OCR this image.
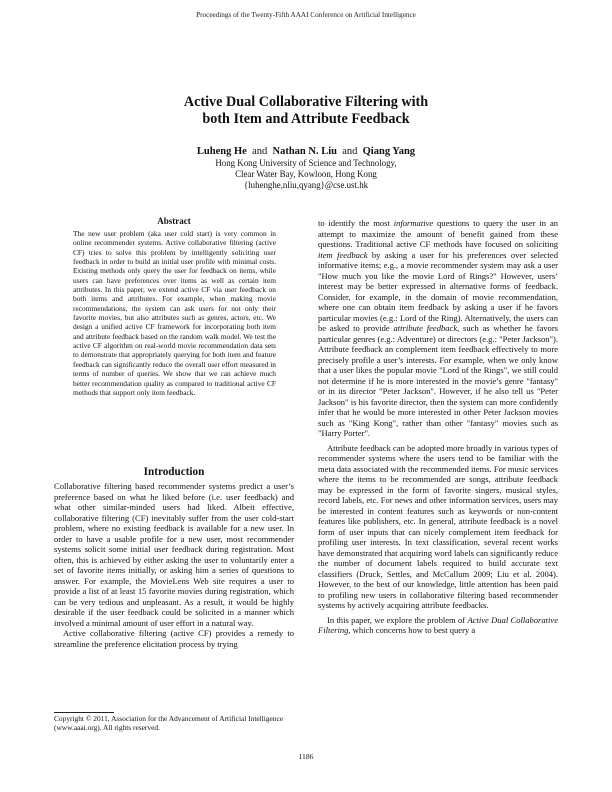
Proceedings of the Twenty-Fifth AAAI Conference on Artificial Intelligence
Active Dual Collaborative Filtering with
both Item and Attribute Feedback
Luheng He and Nathan N. Liu and Qiang Yang
Hong Kong University of Science and Technology,
Clear Water Bay, Kowloon, Hong Kong
{luhenghe,nliu,qyang}@cse.ust.hk
Abstract
The new user problem (aka user cold start) is very common in online recommender systems. Active collaborative filtering (active CF) tries to solve this problem by intelligently soliciting user feedback in order to build an initial user profile with minimal costs. Existing methods only query the user for feedback on items, while users can have preferences over items as well as certain item attributes. In this paper, we extend active CF via user feedback on both items and attributes. For example, when making movie recommendations, the system can ask users for not only their favorite movies, but also attributes such as genres, actors, etc. We design a unified active CF framework for incorporating both item and attribute feedback based on the random walk model. We test the active CF algorithm on real-world movie recommendation data sets to demonstrate that appropriately querying for both item and feature feedback can significantly reduce the overall user effort measured in terms of number of queries. We show that we can achieve much better recommendation quality as compared to traditional active CF methods that support only item feedback.
Introduction

Collaborative filtering based recommender systems predict a user’s preference based on what he liked before (i.e. user feedback) and what other similar-minded users had liked. Albeit effective, collaborative filtering (CF) inevitably suffer from the user cold-start problem, where no existing feedback is available for a new user. In order to have a usable profile for a new user, most recommender systems solicit some initial user feedback during registration. Most often, this is achieved by either asking the user to voluntarily enter a set of favorite items initially, or asking him a series of questions to answer. For example, the MovieLens Web site requires a user to provide a list of at least 15 favorite movies during registration, which can be very tedious and unpleasant. As a result, it would be highly desirable if the user feedback could be solicited in a manner which involved a minimal amount of user effort in a natural way.

Active collaborative filtering (active CF) provides a remedy to streamline the preference elicitation process by trying

to identify the most informative questions to query the user in an attempt to maximize the amount of benefit gained from these questions. Traditional active CF methods have focused on soliciting item feedback by asking a user for his preferences over selected informative items; e.g., a movie recommender system may ask a user "How much you like the movie Lord of Rings?" However, users’ interest may be better expressed in alternative forms of feedback. Consider, for example, in the domain of movie recommendation, where one can obtain item feedback by asking a user if he favors particular movies (e.g.: Lord of the Ring). Alternatively, the users can be asked to provide attribute feedback, such as whether he favors particular genres (e.g.: Adventure) or directors (e.g.: "Peter Jackson"). Attribute feedback an complement item feedback effectively to more precisely profile a user’s interests. For example, when we only know that a user likes the popular movie "Lord of the Rings", we still could not determine if he is more interested in the movie’s genre "fantasy" or in its director "Peter Jackson". However, if he also tell us "Peter Jackson" is his favorite director, then the system can more confidently infer that he would be more interested in other Peter Jackson movies such as "King Kong", rather than other "fantasy" movies such as "Harry Porter".

Attribute feedback can be adopted more broadly in various types of recommender systems where the users tend to be familiar with the meta data associated with the recommended items. For music services where the items to be recommended are songs, attribute feedback may be expressed in the form of favorite singers, musical styles, record labels, etc. For news and other information services, users may be interested in content features such as keywords or non-content features like publishers, etc. In general, attribute feedback is a novel form of user inputs that can nicely complement item feedback for profiling user interests. In text classification, several recent works have demonstrated that acquiring word labels can significantly reduce the number of document labels required to build accurate text classifiers (Druck, Settles, and McCallum 2009; Liu et al. 2004). However, to the best of our knowledge, little attention has been paid to profiling new users in collaborative filtering based recommender systems by actively acquiring attribute feedbacks.

In this paper, we explore the problem of Active Dual Collaborative Filtering, which concerns how to best query a

Copyright © 2011, Association for the Advancement of Artificial Intelligence (www.aaai.org). All rights reserved.
1186
